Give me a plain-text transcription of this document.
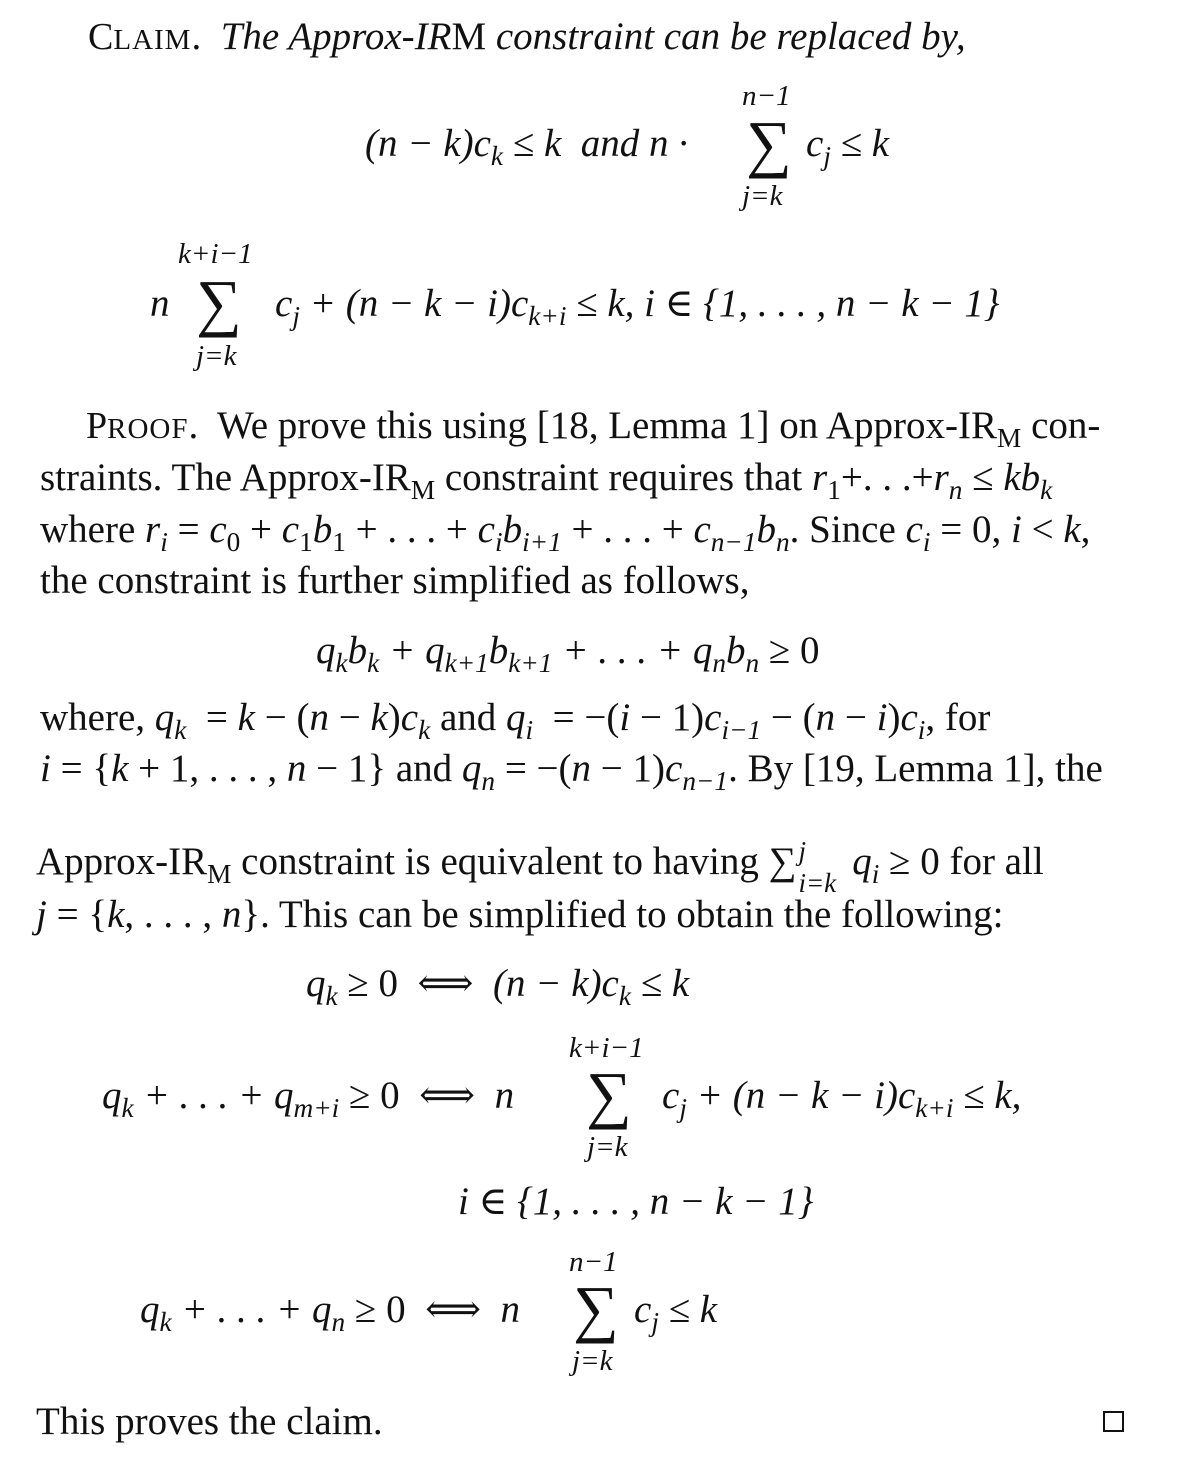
CLAIM.  The Approx-IRM constraint can be replaced by,
$(n - k)c_k \le k$  and n ·
n−1
∑
j=k
$c_j \le k$
n
k+i−1
∑
j=k
$c_j + (n - k - i)c_{k+i} \le k$, i ∈ {1, . . . , n − k − 1}
PROOF.  We prove this using [18, Lemma 1] on Approx-$IR_M$ con-
straints. The Approx-$IR_M$ constraint requires that $r_1+$. . $.+r_n \le kb_k$
where $r_i = c_0 + c_1b_1$ + . . . + $c_ib_{i+1}$ + . . . + $c_{n-1}b_n$. Since $c_i = 0$, i < k,
the constraint is further simplified as follows,
$q_kb_k + q_{k+1}b_{k+1}$ + . . . + $q_nb_n \ge 0$
where, $q_k = k - (n - k)c_k$ and $q_i = -(i - 1)c_{i-1} - (n - i)c_i$, for
i = {k + 1, . . . , n − 1} and $q_n = -(n - 1)c_{n-1}$. By [19, Lemma 1], the
Approx-$IR_M$ constraint is equivalent to having ∑ j
i=k $q_i \ge 0$ for all
j = {k, . . . , n}. This can be simplified to obtain the following:
$q_k \ge 0$  ⟺  $(n - k)c_k \le k$
$q_k$ + . . . + $q_{m+i} \ge 0$  ⟺  n
k+i−1
∑
j=k
$c_j + (n - k - i)c_{k+i} \le k$,
i ∈ {1, . . . , n − k − 1}
$q_k$ + . . . + $q_n \ge 0$  ⟺  n
n−1
∑
j=k
$c_j \le k$
This proves the claim.
